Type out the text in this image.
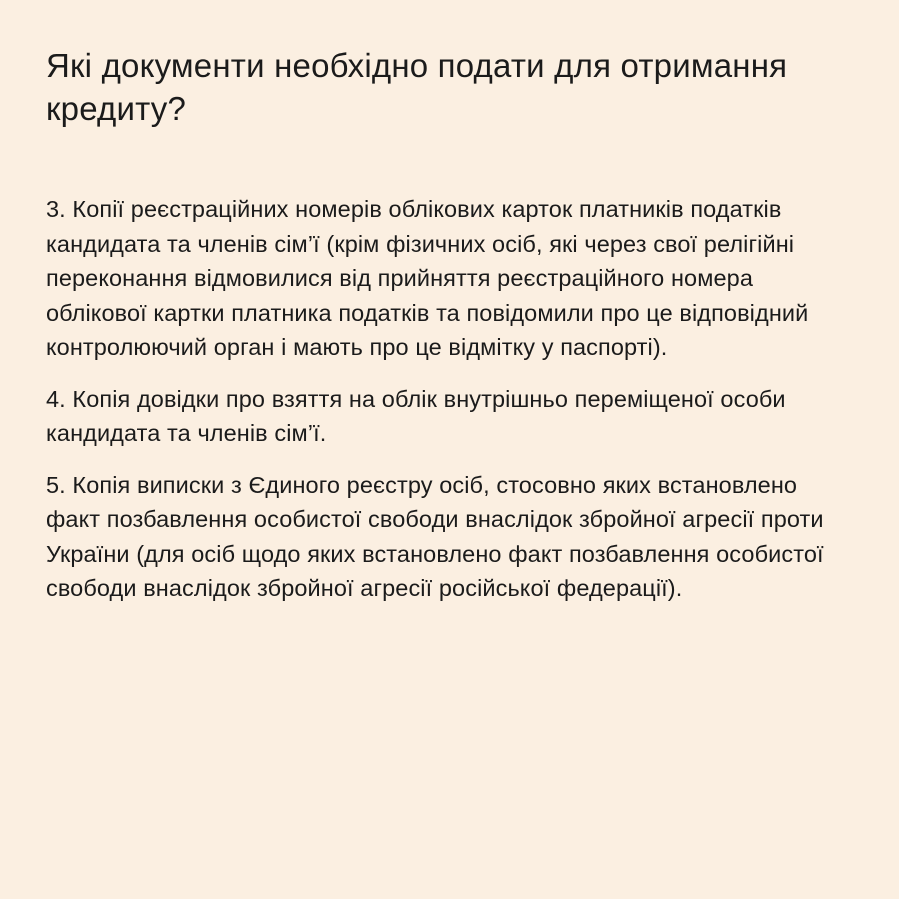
Які документи необхідно подати для отримання кредиту?

3. Копії реєстраційних номерів облікових карток платників податків кандидата та членів сім’ї (крім фізичних осіб, які через свої релігійні переконання відмовилися від прийняття реєстраційного номера облікової картки платника податків та повідомили про це відповідний контролюючий орган і мають про це відмітку у паспорті).

4. Копія довідки про взяття на облік внутрішньо переміщеної особи кандидата та членів сім’ї.

5. Копія виписки з Єдиного реєстру осіб, стосовно яких встановлено факт позбавлення особистої свободи внаслідок збройної агресії проти України (для осіб щодо яких встановлено факт позбавлення особистої свободи внаслідок збройної агресії російської федерації).
